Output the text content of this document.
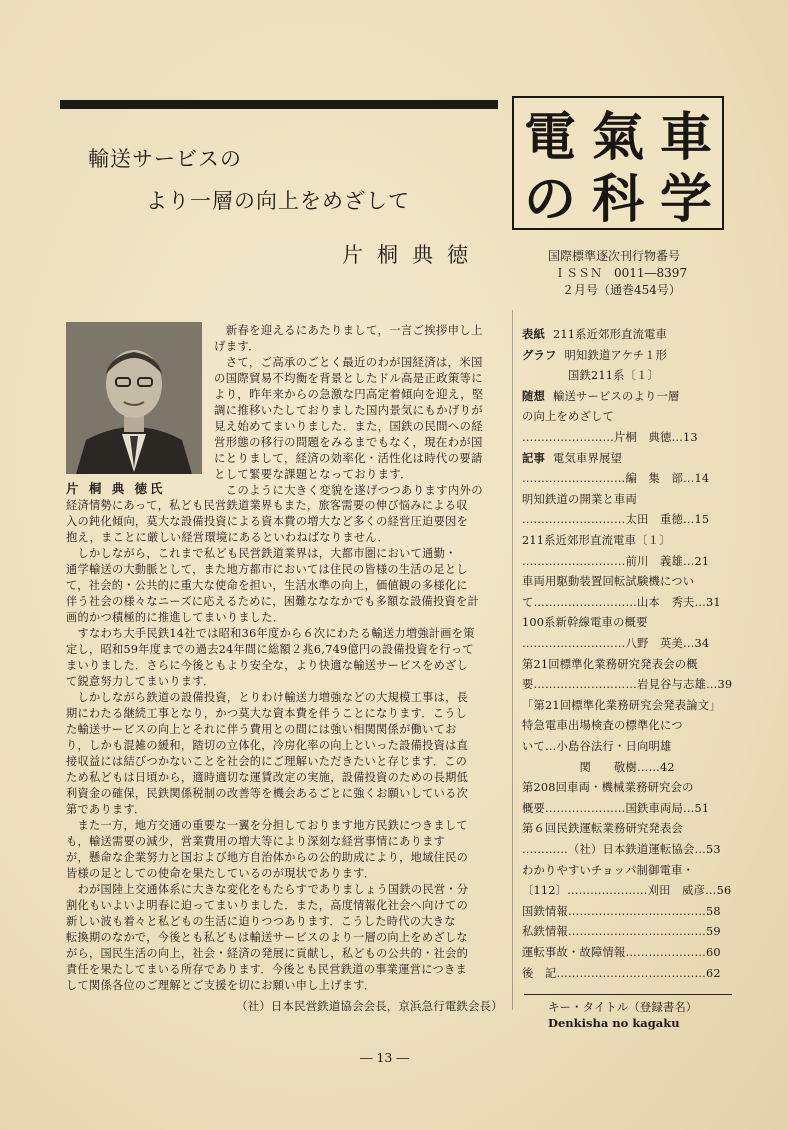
輸送サービスの
より一層の向上をめざして
片桐典徳
電 氣 車
の 科 学
国際標準逐次刊行物番号
ＩＳＳＮ　0011―8397
２月号（通巻454号）
片 桐 典 徳氏
（社）日本民営鉄道協会会長，京浜急行電鉄会長）
表紙 211系近郊形直流電車
グラフ 明知鉄道アケチ１形
　　　　国鉄211系〔１〕
随想 輸送サービスのより一層
の向上をめざして
……………………片桐　典徳…13
記事 電気車界展望
………………………編　集　部…14
明知鉄道の開業と車両
………………………太田　重徳…15
211系近郊形直流電車〔１〕
………………………前川　義雄…21
車両用駆動装置回転試験機につい
て………………………山本　秀夫…31
100系新幹線電車の概要
………………………八野　英美…34
第21回標準化業務研究発表会の概
要………………………岩見谷与志雄…39
「第21回標準化業務研究会発表論文」
特急電車出場検査の標準化につ
いて…小島谷法行・日向明雄
　　　　　関　　敬樹……42
第208回車両・機械業務研究会の
概要…………………国鉄車両局…51
第６回民鉄運転業務研究発表会
…………（社）日本鉄道運転協会…53
わかりやすいチョッパ制御電車・
〔112〕…………………刈田　威彦…56
国鉄情報………………………………58
私鉄情報………………………………59
運転事故・故障情報…………………60
後　記…………………………………62
キー・タイトル（登録書名）
Denkisha no kagaku
― 13 ―
　新春を迎えるにあたりまして，一言ご挨拶申し上
げます．
　さて，ご高承のごとく最近のわが国経済は，米国
の国際貿易不均衡を背景としたドル高是正政策等に
より，昨年来からの急激な円高定着傾向を迎え，堅
調に推移いたしておりました国内景気にもかげりが
見え始めてまいりました．また，国鉄の民間への経
営形態の移行の問題をみるまでもなく，現在わが国
にとりまして，経済の効率化・活性化は時代の要請
として緊要な課題となっております．
　このように大きく変貌を遂げつつあります内外の
経済情勢にあって，私ども民営鉄道業界もまた，旅客需要の伸び悩みによる収
入の鈍化傾向，莫大な設備投資による資本費の増大など多くの経営圧迫要因を
抱え，まことに厳しい経営環境にあるといわねばなりません．
　しかしながら，これまで私ども民営鉄道業界は，大都市圏において通勤・
通学輸送の大動脈として，また地方都市においては住民の皆様の生活の足とし
て，社会的・公共的に重大な使命を担い，生活水準の向上，価値観の多様化に
伴う社会の様々なニーズに応えるために，困難なななかでも多額な設備投資を計
画的かつ積極的に推進してまいりました．
　すなわち大手民鉄14社では昭和36年度から６次にわたる輸送力増強計画を策
定し，昭和59年度までの過去24年間に総額２兆6,749億円の設備投資を行って
まいりました．さらに今後ともより安全な，より快適な輸送サービスをめざし
て鋭意努力してまいります．
　しかしながら鉄道の設備投資，とりわけ輸送力増強などの大規模工事は，長
期にわたる継続工事となり，かつ莫大な資本費を伴うことになります．こうし
た輸送サービスの向上とそれに伴う費用との間には強い相関関係が働いてお
り，しかも混雑の緩和，踏切の立体化，冷房化率の向上といった設備投資は直
接収益には結びつかないことを社会的にご理解いただきたいと存じます．この
ため私どもは日頃から，適時適切な運賃改定の実施，設備投資のための長期低
利資金の確保，民鉄関係税制の改善等を機会あるごとに強くお願いしている次
第であります．
　また一方，地方交通の重要な一翼を分担しております地方民鉄につきまして
も，輸送需要の減少，営業費用の増大等により深刻な経営事情にあります
が，懸命な企業努力と国および地方自治体からの公的助成により，地域住民の
皆様の足としての使命を果たしているのが現状であります．
　わが国陸上交通体系に大きな変化をもたらすでありましょう国鉄の民営・分
割化もいよいよ明春に迫ってまいりました．また，高度情報化社会へ向けての
新しい波も着々と私どもの生活に迫りつつあります．こうした時代の大きな
転換期のなかで，今後とも私どもは輸送サービスのより一層の向上をめざしな
がら，国民生活の向上，社会・経済の発展に貢献し，私どもの公共的・社会的
責任を果たしてまいる所存であります．今後とも民営鉄道の事業運営につきま
して関係各位のご理解とご支援を切にお願い申し上げます．
